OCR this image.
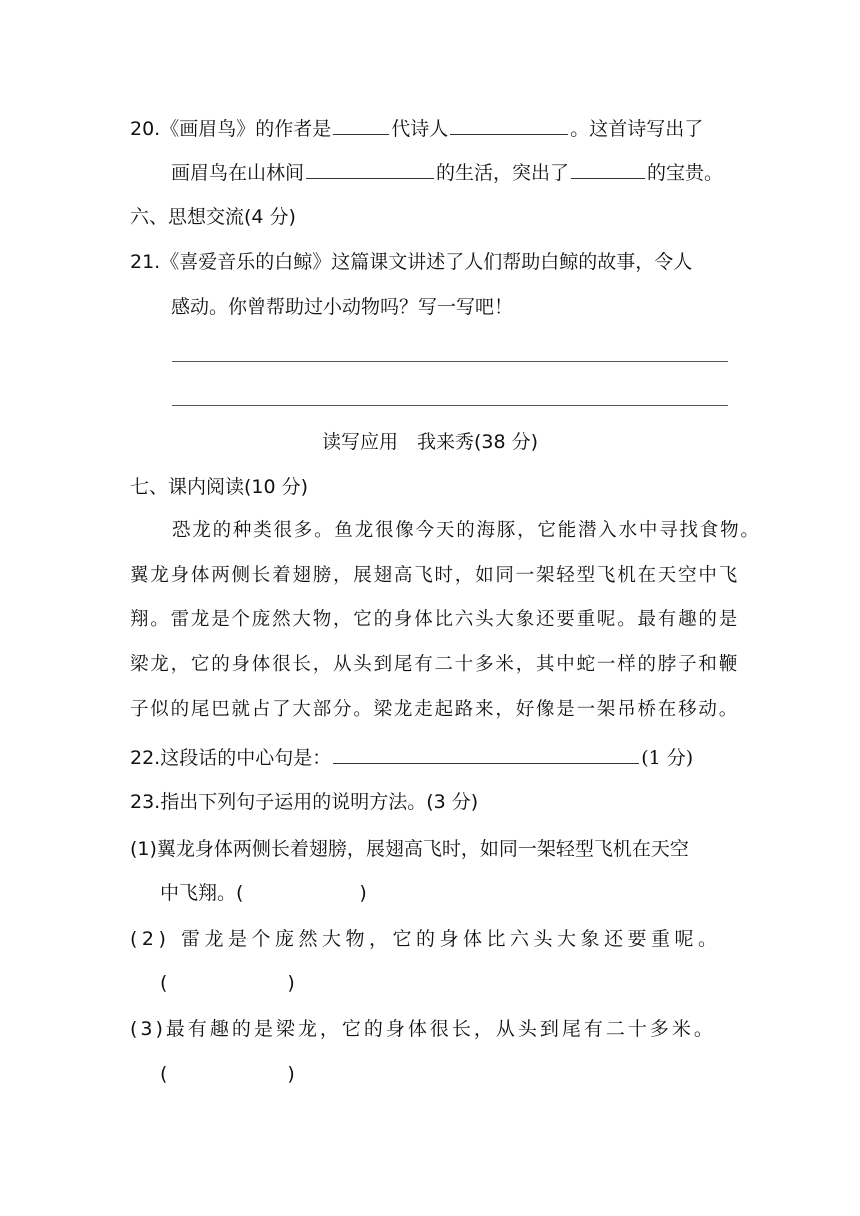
20.《画眉鸟》的作者是	代诗人	。这首诗写出了
画眉鸟在山林间	的生活，突出了	的宝贵。
六、思想交流(4 分)
21.《喜爱音乐的白鲸》这篇课文讲述了人们帮助白鲸的故事，令人
感动。你曾帮助过小动物吗？写一写吧！
读写应用　我来秀(38 分)
七、课内阅读(10 分)
恐龙的种类很多。鱼龙很像今天的海豚，它能潜入水中寻找食物。
翼龙身体两侧长着翅膀，展翅高飞时，如同一架轻型飞机在天空中飞
翔。雷龙是个庞然大物，它的身体比六头大象还要重呢。最有趣的是
梁龙，它的身体很长，从头到尾有二十多米，其中蛇一样的脖子和鞭
子似的尾巴就占了大部分。梁龙走起路来，好像是一架吊桥在移动。
22.这段话的中心句是：	(1 分)
23.指出下列句子运用的说明方法。(3 分)
(1)翼龙身体两侧长着翅膀，展翅高飞时，如同一架轻型飞机在天空
中飞翔。(	)
(2) 雷龙是个庞然大物，它的身体比六头大象还要重呢。
(	)
(3)最有趣的是梁龙，它的身体很长，从头到尾有二十多米。
(	)
